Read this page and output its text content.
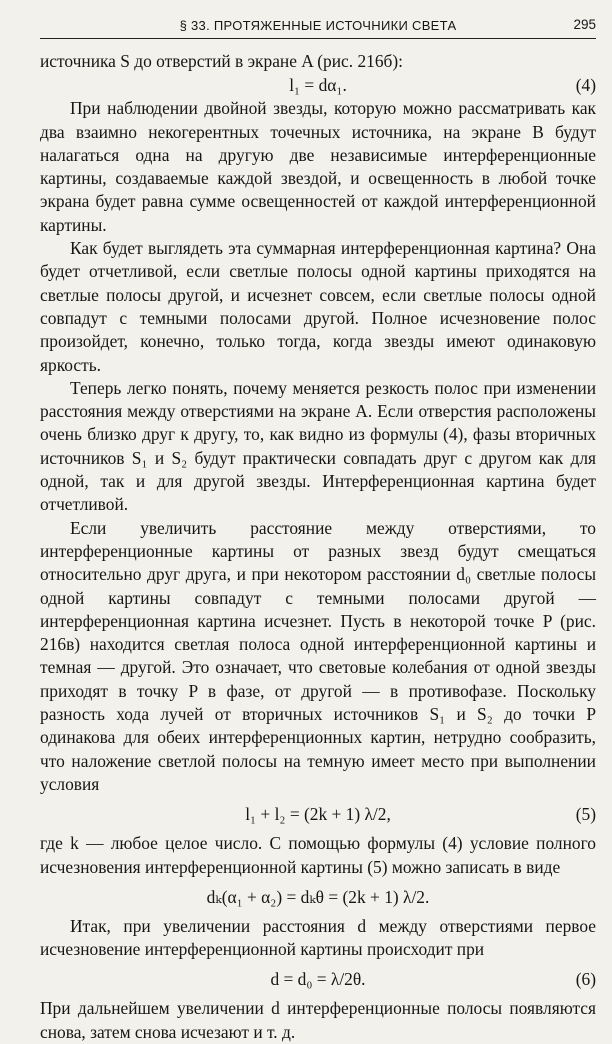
§ 33. ПРОТЯЖЕННЫЕ ИСТОЧНИКИ СВЕТА	295

источника S до отверстий в экране A (рис. 216б):

l₁ = dα₁.	(4)

При наблюдении двойной звезды, которую можно рассматривать как два взаимно некогерентных точечных источника, на экране B будут налагаться одна на другую две независимые интерференционные картины, создаваемые каждой звездой, и освещенность в любой точке экрана будет равна сумме освещенностей от каждой интерференционной картины.

Как будет выглядеть эта суммарная интерференционная картина? Она будет отчетливой, если светлые полосы одной картины приходятся на светлые полосы другой, и исчезнет совсем, если светлые полосы одной совпадут с темными полосами другой. Полное исчезновение полос произойдет, конечно, только тогда, когда звезды имеют одинаковую яркость.

Теперь легко понять, почему меняется резкость полос при изменении расстояния между отверстиями на экране A. Если отверстия расположены очень близко друг к другу, то, как видно из формулы (4), фазы вторичных источников S₁ и S₂ будут практически совпадать друг с другом как для одной, так и для другой звезды. Интерференционная картина будет отчетливой.

Если увеличить расстояние между отверстиями, то интерференционные картины от разных звезд будут смещаться относительно друг друга, и при некотором расстоянии d₀ светлые полосы одной картины совпадут с темными полосами другой — интерференционная картина исчезнет. Пусть в некоторой точке P (рис. 216в) находится светлая полоса одной интерференционной картины и темная — другой. Это означает, что световые колебания от одной звезды приходят в точку P в фазе, от другой — в противофазе. Поскольку разность хода лучей от вторичных источников S₁ и S₂ до точки P одинакова для обеих интерференционных картин, нетрудно сообразить, что наложение светлой полосы на темную имеет место при выполнении условия

l₁ + l₂ = (2k + 1) λ/2,	(5)

где k — любое целое число. С помощью формулы (4) условие полного исчезновения интерференционной картины (5) можно записать в виде

dₖ(α₁ + α₂) = dₖθ = (2k + 1) λ/2.

Итак, при увеличении расстояния d между отверстиями первое исчезновение интерференционной картины происходит при

d = d₀ = λ/2θ.	(6)

При дальнейшем увеличении d интерференционные полосы появляются снова, затем снова исчезают и т. д.
